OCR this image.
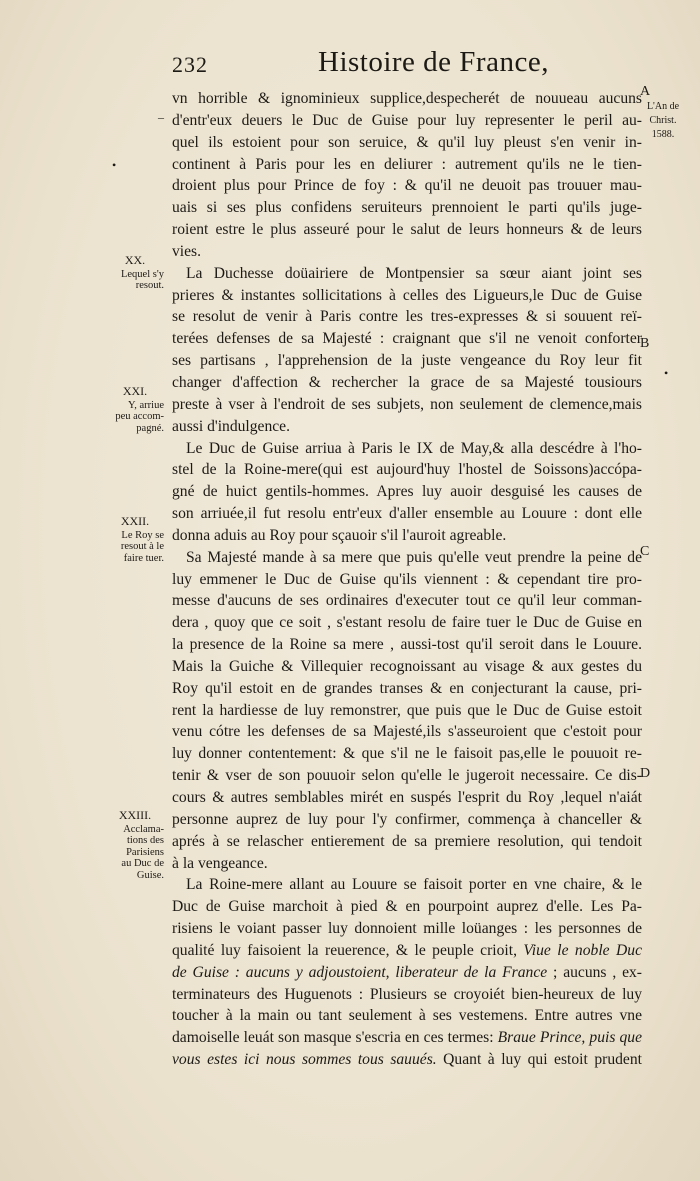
232	Histoire de France,
L'An de
Christ.
1588.
A
B
C
D
–
•
•
XX.
Lequel s'y
resout.
XXI.
Y, arriue
peu accom-
pagné.
XXII.
Le Roy se
resout à le
faire tuer.
XXIII.
Acclama-
tions des
Parisiens
au Duc de
Guise.
vn horrible & ignominieux supplice,despecherét de nouueau aucuns
d'entr'eux deuers le Duc de Guise pour luy representer le peril au-
quel ils estoient pour son seruice, & qu'il luy pleust s'en venir in-
continent à Paris pour les en deliurer : autrement qu'ils ne le tien-
droient plus pour Prince de foy : & qu'il ne deuoit pas trouuer mau-
uais si ses plus confidens seruiteurs prennoient le parti qu'ils juge-
roient estre le plus asseuré pour le salut de leurs honneurs & de leurs
vies.
La Duchesse doüairiere de Montpensier sa sœur aiant joint ses
prieres & instantes sollicitations à celles des Ligueurs,le Duc de Guise
se resolut de venir à Paris contre les tres-expresses & si souuent reï-
terées defenses de sa Majesté : craignant que s'il ne venoit conforter
ses partisans , l'apprehension de la juste vengeance du Roy leur fit
changer d'affection & rechercher la grace de sa Majesté tousiours
preste à vser à l'endroit de ses subjets, non seulement de clemence,mais
aussi d'indulgence.
Le Duc de Guise arriua à Paris le IX de May,& alla descédre à l'ho-
stel de la Roine-mere(qui est aujourd'huy l'hostel de Soissons)accópa-
gné de huict gentils-hommes. Apres luy auoir desguisé les causes de
son arriuée,il fut resolu entr'eux d'aller ensemble au Louure : dont elle
donna aduis au Roy pour sçauoir s'il l'auroit agreable.
Sa Majesté mande à sa mere que puis qu'elle veut prendre la peine de
luy emmener le Duc de Guise qu'ils viennent : & cependant tire pro-
messe d'aucuns de ses ordinaires d'executer tout ce qu'il leur comman-
dera , quoy que ce soit , s'estant resolu de faire tuer le Duc de Guise en
la presence de la Roine sa mere , aussi-tost qu'il seroit dans le Louure.
Mais la Guiche & Villequier recognoissant au visage & aux gestes du
Roy qu'il estoit en de grandes transes & en conjecturant la cause, pri-
rent la hardiesse de luy remonstrer, que puis que le Duc de Guise estoit
venu cótre les defenses de sa Majesté,ils s'asseuroient que c'estoit pour
luy donner contentement: & que s'il ne le faisoit pas,elle le pouuoit re-
tenir & vser de son pouuoir selon qu'elle le jugeroit necessaire. Ce dis-
cours & autres semblables mirét en suspés l'esprit du Roy ,lequel n'aiát
personne auprez de luy pour l'y confirmer, commença à chanceller &
aprés à se relascher entierement de sa premiere resolution, qui tendoit
à la vengeance.
La Roine-mere allant au Louure se faisoit porter en vne chaire, & le
Duc de Guise marchoit à pied & en pourpoint auprez d'elle. Les Pa-
risiens le voiant passer luy donnoient mille loüanges : les personnes de
qualité luy faisoient la reuerence, & le peuple crioit, Viue le noble Duc
de Guise : aucuns y adjoustoient, liberateur de la France ; aucuns , ex-
terminateurs des Huguenots : Plusieurs se croyoiét bien-heureux de luy
toucher à la main ou tant seulement à ses vestemens. Entre autres vne
damoiselle leuát son masque s'escria en ces termes: Braue Prince, puis que
vous estes ici nous sommes tous sauués. Quant à luy qui estoit prudent
